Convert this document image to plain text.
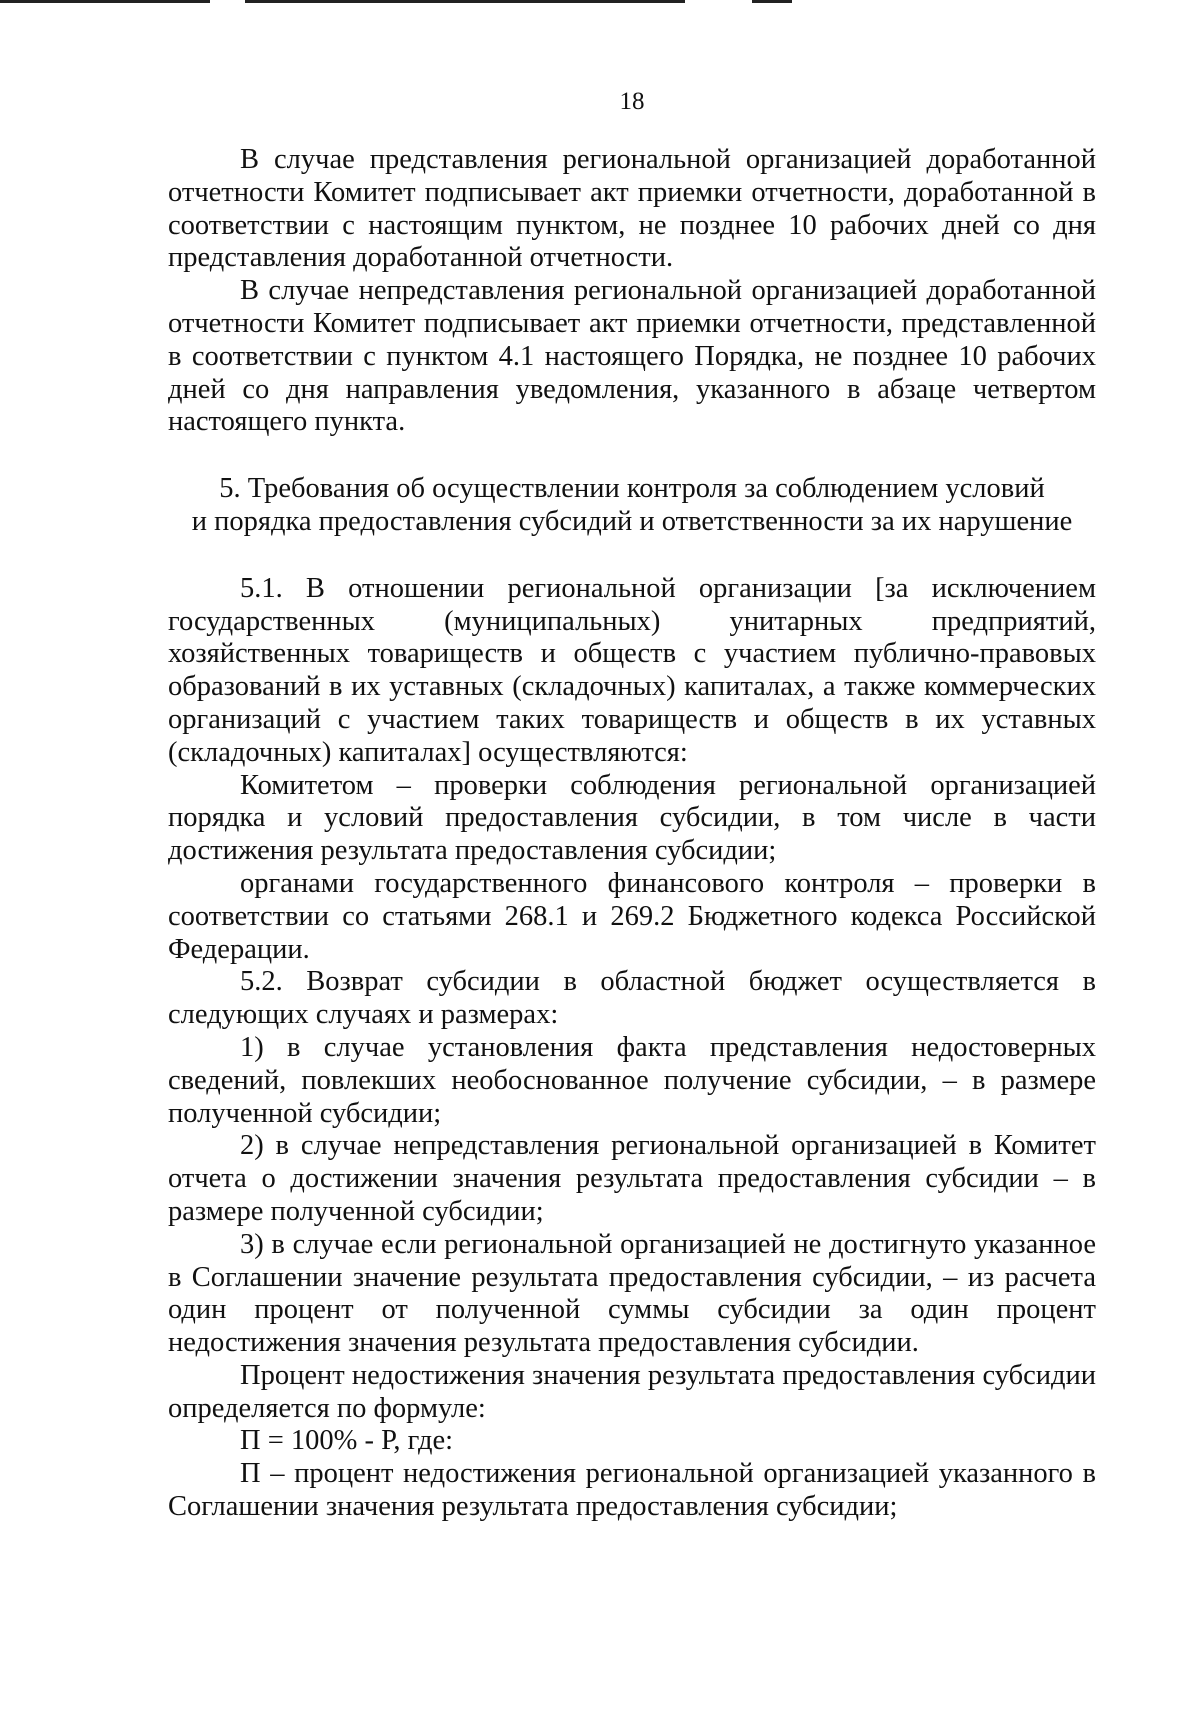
18

В случае представления региональной организацией доработанной отчетности Комитет подписывает акт приемки отчетности, доработанной в соответствии с настоящим пунктом, не позднее 10 рабочих дней со дня представления доработанной отчетности.

В случае непредставления региональной организацией доработанной отчетности Комитет подписывает акт приемки отчетности, представленной в соответствии с пунктом 4.1 настоящего Порядка, не позднее 10 рабочих дней со дня направления уведомления, указанного в абзаце четвертом настоящего пункта.

5. Требования об осуществлении контроля за соблюдением условий
и порядка предоставления субсидий и ответственности за их нарушение

5.1. В отношении региональной организации [за исключением государственных (муниципальных) унитарных предприятий, хозяйственных товариществ и обществ с участием публично-правовых образований в их уставных (складочных) капиталах, а также коммерческих организаций с участием таких товариществ и обществ в их уставных (складочных) капиталах] осуществляются:

Комитетом – проверки соблюдения региональной организацией порядка и условий предоставления субсидии, в том числе в части достижения результата предоставления субсидии;

органами государственного финансового контроля – проверки в соответствии со статьями 268.1 и 269.2 Бюджетного кодекса Российской Федерации.

5.2. Возврат субсидии в областной бюджет осуществляется в следующих случаях и размерах:

1) в случае установления факта представления недостоверных сведений, повлекших необоснованное получение субсидии, – в размере полученной субсидии;

2) в случае непредставления региональной организацией в Комитет отчета о достижении значения результата предоставления субсидии – в размере полученной субсидии;

3) в случае если региональной организацией не достигнуто указанное в Соглашении значение результата предоставления субсидии, – из расчета один процент от полученной суммы субсидии за один процент недостижения значения результата предоставления субсидии.

Процент недостижения значения результата предоставления субсидии определяется по формуле:

П = 100% - Р, где:

П – процент недостижения региональной организацией указанного в Соглашении значения результата предоставления субсидии;
